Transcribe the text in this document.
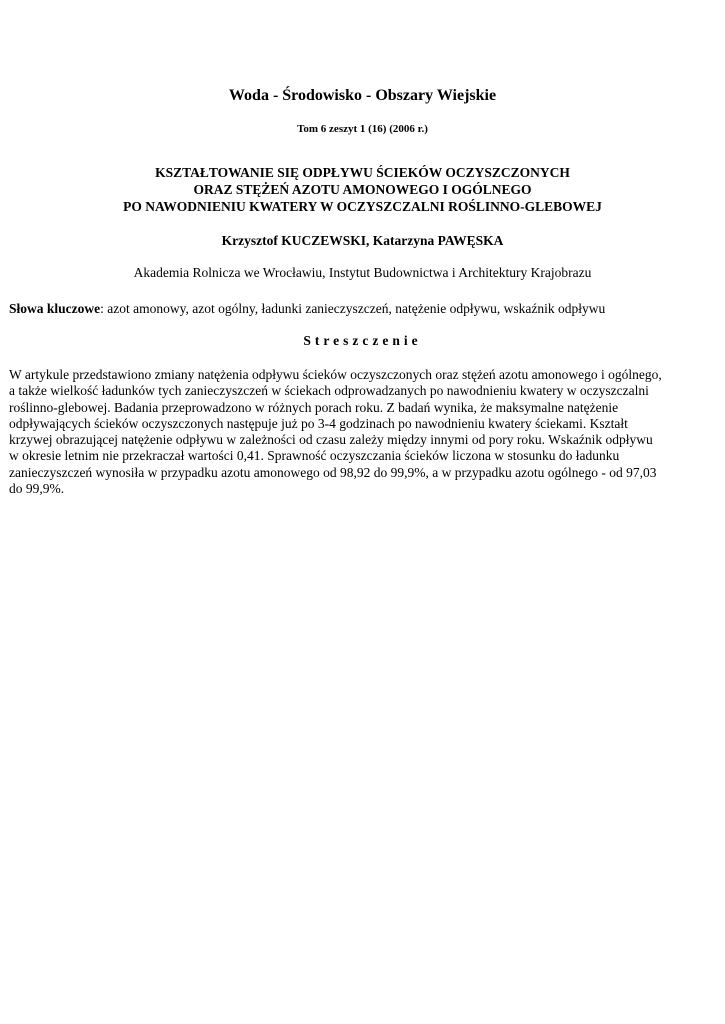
Woda - Środowisko - Obszary Wiejskie

Tom 6 zeszyt 1 (16) (2006 r.)

KSZTAŁTOWANIE SIĘ ODPŁYWU ŚCIEKÓW OCZYSZCZONYCH
ORAZ STĘŻEŃ AZOTU AMONOWEGO I OGÓLNEGO
PO NAWODNIENIU KWATERY W OCZYSZCZALNI ROŚLINNO-GLEBOWEJ

Krzysztof KUCZEWSKI, Katarzyna PAWĘSKA

Akademia Rolnicza we Wrocławiu, Instytut Budownictwa i Architektury Krajobrazu

Słowa kluczowe: azot amonowy, azot ogólny, ładunki zanieczyszczeń, natężenie odpływu, wskaźnik odpływu

Streszczenie

W artykule przedstawiono zmiany natężenia odpływu ścieków oczyszczonych oraz stężeń azotu amonowego i ogólnego,
a także wielkość ładunków tych zanieczyszczeń w ściekach odprowadzanych po nawodnieniu kwatery w oczyszczalni
roślinno-glebowej. Badania przeprowadzono w różnych porach roku. Z badań wynika, że maksymalne natężenie
odpływających ścieków oczyszczonych następuje już po 3-4 godzinach po nawodnieniu kwatery ściekami. Kształt
krzywej obrazującej natężenie odpływu w zależności od czasu zależy między innymi od pory roku. Wskaźnik odpływu
w okresie letnim nie przekraczał wartości 0,41. Sprawność oczyszczania ścieków liczona w stosunku do ładunku
zanieczyszczeń wynosiła w przypadku azotu amonowego od 98,92 do 99,9%, a w przypadku azotu ogólnego - od 97,03
do 99,9%.
